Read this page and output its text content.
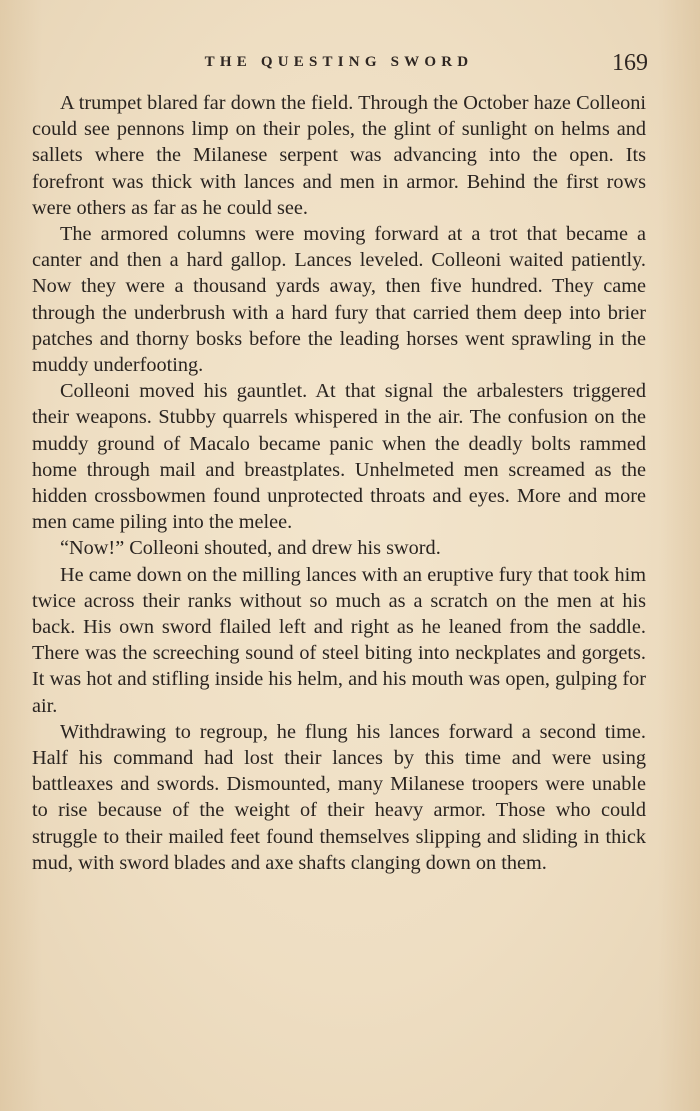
THE QUESTING SWORD	169

A trumpet blared far down the field. Through the October haze Colleoni could see pennons limp on their poles, the glint of sunlight on helms and sallets where the Milanese serpent was advancing into the open. Its forefront was thick with lances and men in armor. Behind the first rows were others as far as he could see.

The armored columns were moving forward at a trot that became a canter and then a hard gallop. Lances leveled. Colleoni waited patiently. Now they were a thousand yards away, then five hundred. They came through the underbrush with a hard fury that carried them deep into brier patches and thorny bosks before the leading horses went sprawling in the muddy underfooting.

Colleoni moved his gauntlet. At that signal the arbalesters triggered their weapons. Stubby quarrels whispered in the air. The confusion on the muddy ground of Macalo became panic when the deadly bolts rammed home through mail and breastplates. Unhelmeted men screamed as the hidden crossbowmen found unprotected throats and eyes. More and more men came piling into the melee.

“Now!” Colleoni shouted, and drew his sword.

He came down on the milling lances with an eruptive fury that took him twice across their ranks without so much as a scratch on the men at his back. His own sword flailed left and right as he leaned from the saddle. There was the screeching sound of steel biting into neckplates and gorgets. It was hot and stifling inside his helm, and his mouth was open, gulping for air.

Withdrawing to regroup, he flung his lances forward a second time. Half his command had lost their lances by this time and were using battleaxes and swords. Dismounted, many Milanese troopers were unable to rise because of the weight of their heavy armor. Those who could struggle to their mailed feet found themselves slipping and sliding in thick mud, with sword blades and axe shafts clanging down on them.
